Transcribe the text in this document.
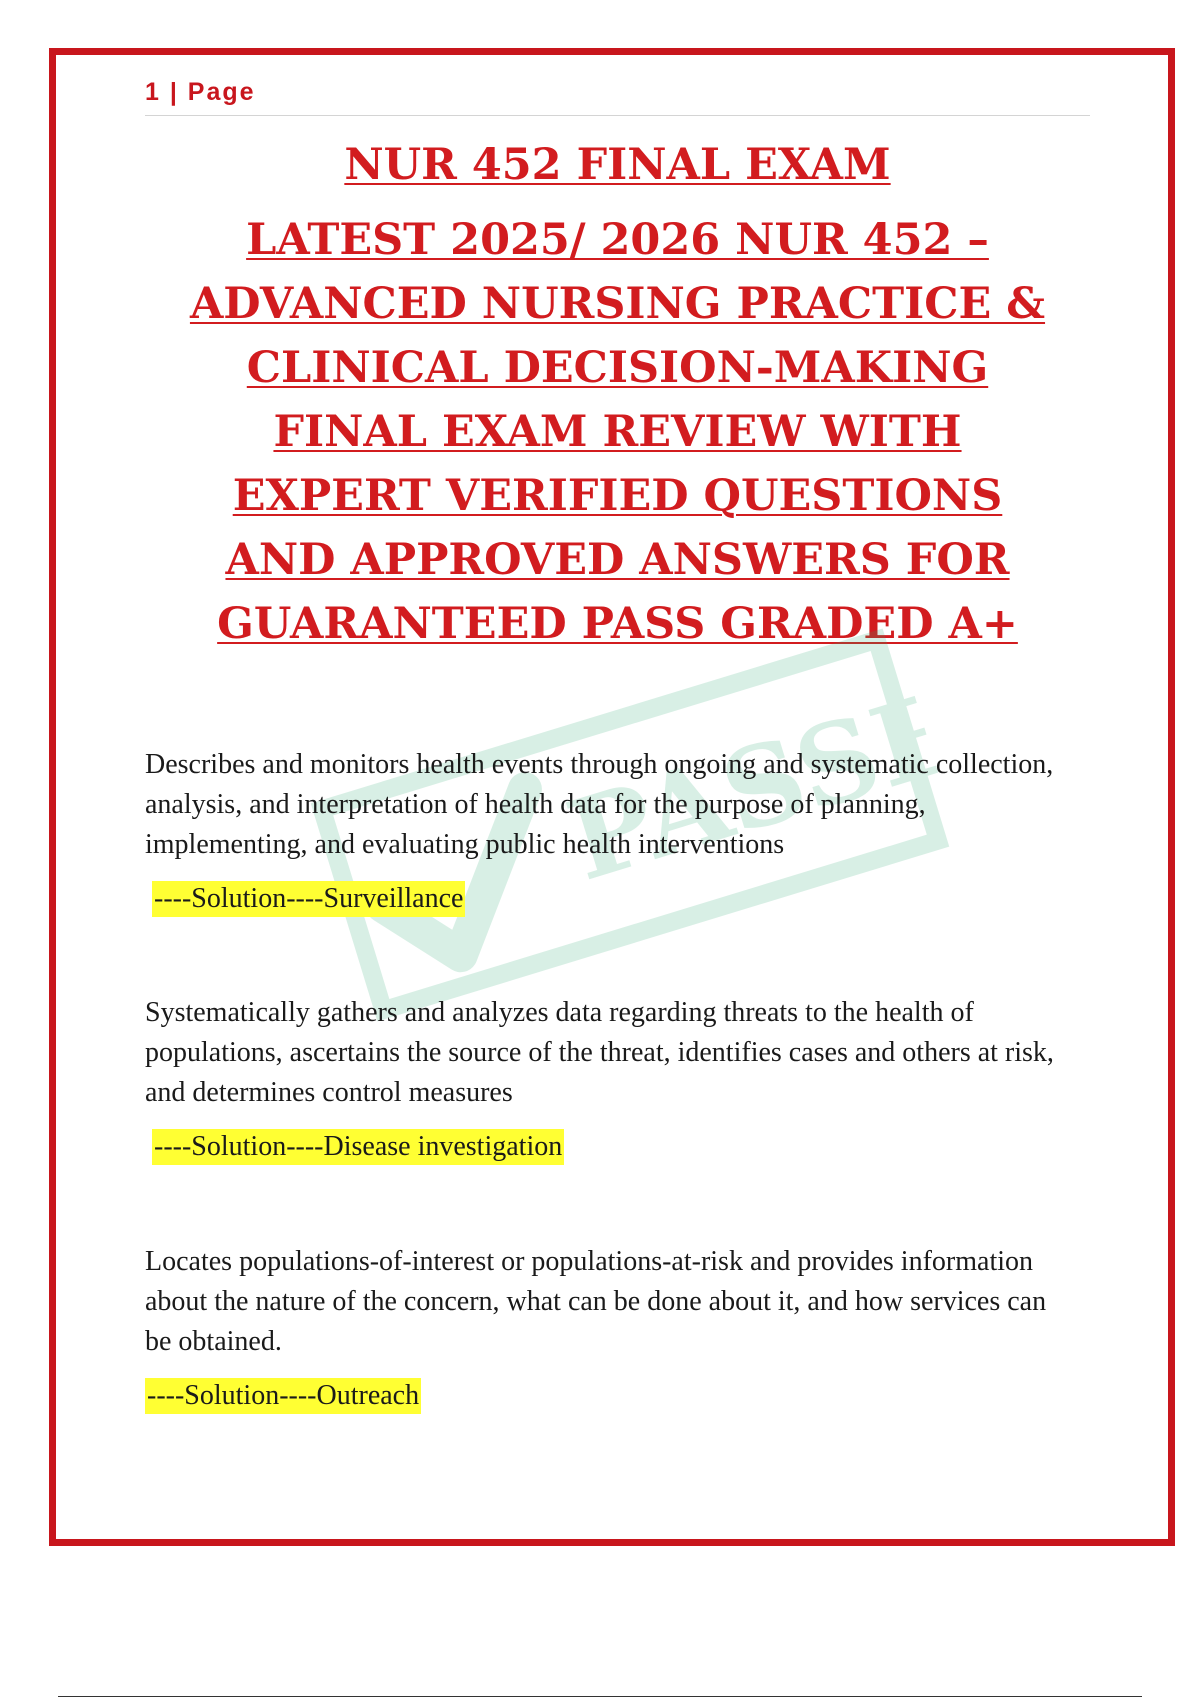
1 | Page
NUR 452 FINAL EXAM
LATEST 2025/ 2026 NUR 452 –
ADVANCED NURSING PRACTICE &
CLINICAL DECISION-MAKING
FINAL EXAM REVIEW WITH
EXPERT VERIFIED QUESTIONS
AND APPROVED ANSWERS FOR
GUARANTEED PASS GRADED A+
PASSED

Describes and monitors health events through ongoing and systematic collection, analysis, and interpretation of health data for the purpose of planning, implementing, and evaluating public health interventions

----Solution----Surveillance

Systematically gathers and analyzes data regarding threats to the health of populations, ascertains the source of the threat, identifies cases and others at risk, and determines control measures

----Solution----Disease investigation

Locates populations-of-interest or populations-at-risk and provides information about the nature of the concern, what can be done about it, and how services can be obtained.

----Solution----Outreach
